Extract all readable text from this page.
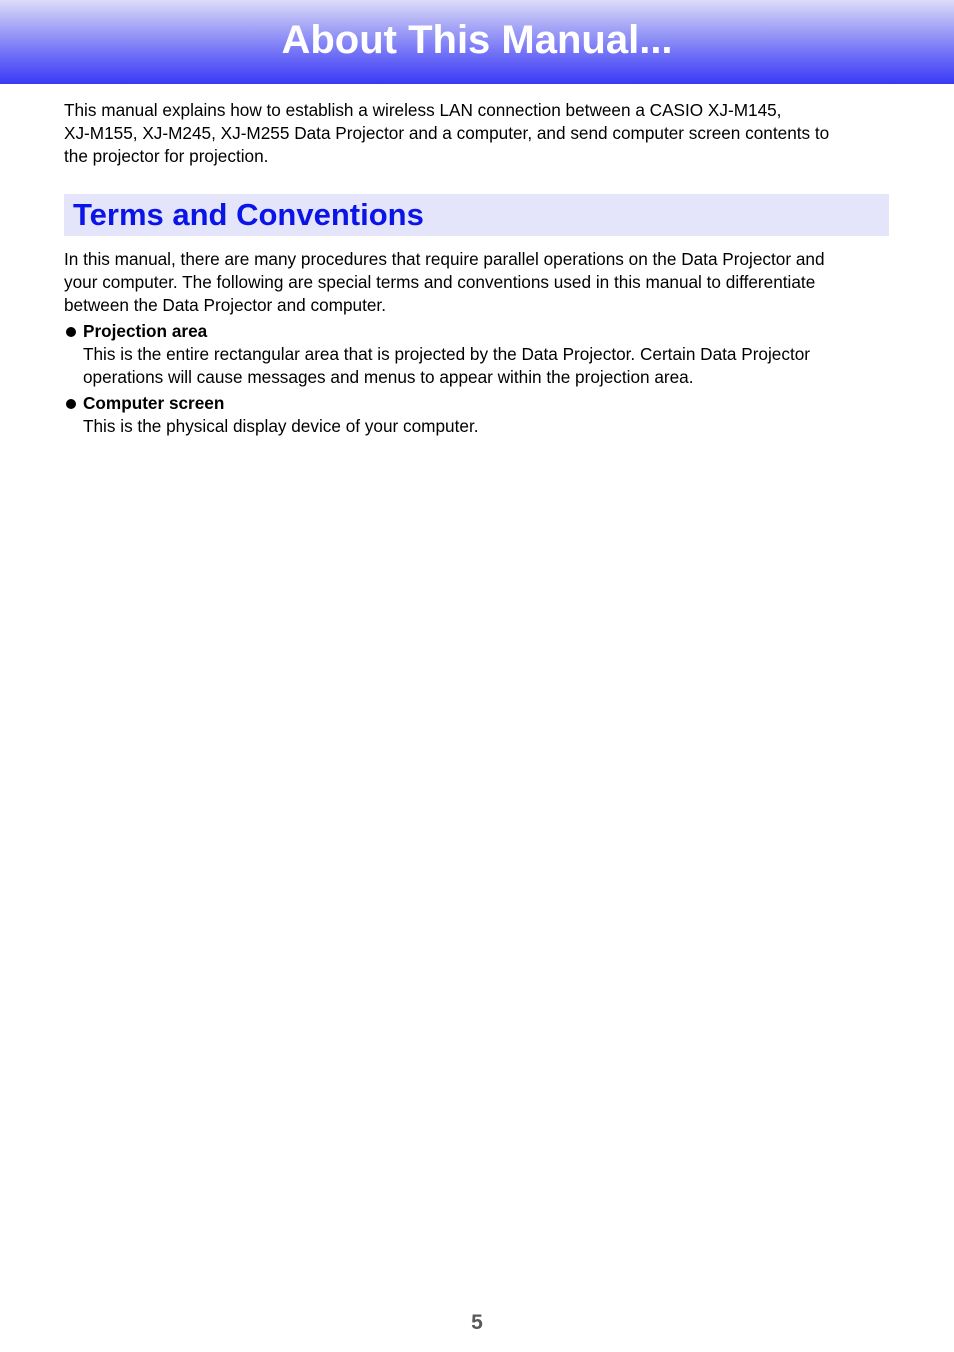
About This Manual...

This manual explains how to establish a wireless LAN connection between a CASIO XJ-M145,

XJ-M155, XJ-M245, XJ-M255 Data Projector and a computer, and send computer screen contents to

the projector for projection.

Terms and Conventions

In this manual, there are many procedures that require parallel operations on the Data Projector and

your computer. The following are special terms and conventions used in this manual to differentiate

between the Data Projector and computer.

Projection area
This is the entire rectangular area that is projected by the Data Projector. Certain Data Projector
operations will cause messages and menus to appear within the projection area.
Computer screen
This is the physical display device of your computer.
5
